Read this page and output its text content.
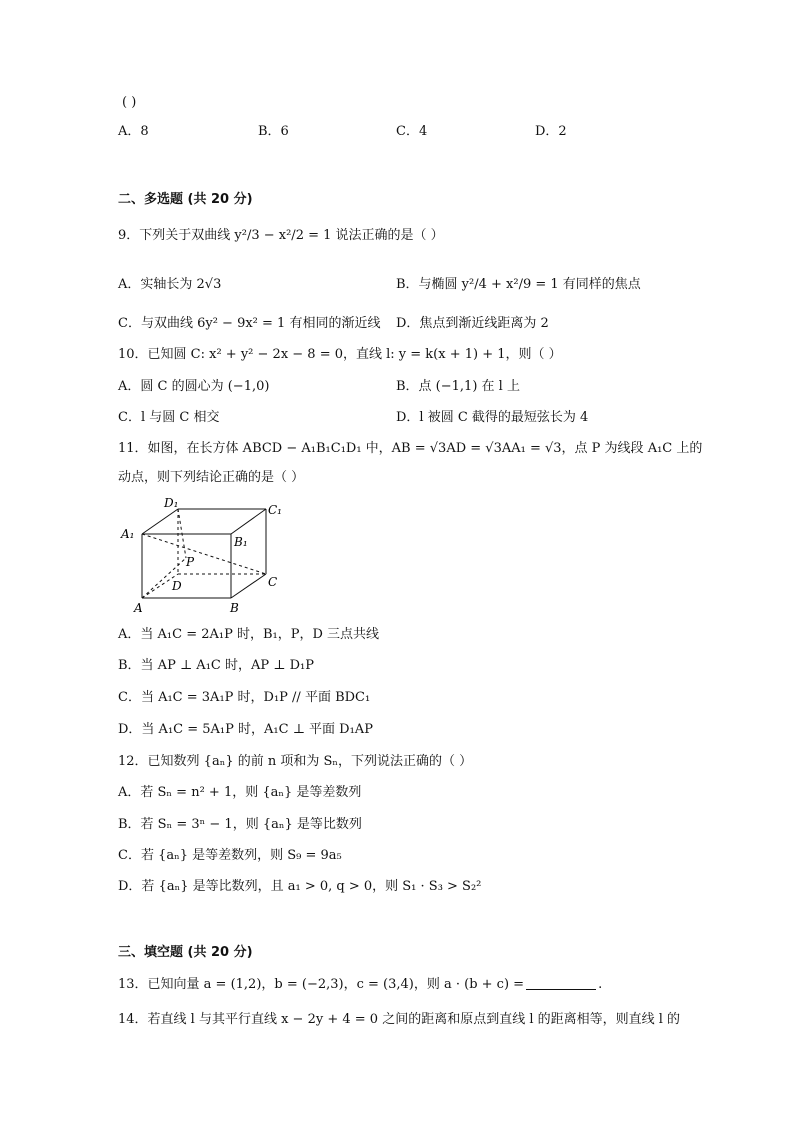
( )
A．8	B．6	C．4	D．2
二、多选题 (共 20 分)
9．下列关于双曲线 y²/3 − x²/2 = 1 说法正确的是（ ）
A．实轴长为 2√3	B．与椭圆 y²/4 + x²/9 = 1 有同样的焦点
C．与双曲线 6y² − 9x² = 1 有相同的渐近线 D．焦点到渐近线距离为 2
10．已知圆 C: x² + y² − 2x − 8 = 0，直线 l: y = k(x + 1) + 1，则（ ）
A．圆 C 的圆心为 (−1,0)	B．点 (−1,1) 在 l 上
C．l 与圆 C 相交	D．l 被圆 C 截得的最短弦长为 4
11．如图，在长方体 ABCD − A₁B₁C₁D₁ 中，AB = √3AD = √3AA₁ = √3，点 P 为线段 A₁C 上的
动点，则下列结论正确的是（ ）
D₁	C₁
A₁
B₁
P
D	C
A	B
A．当 A₁C = 2A₁P 时，B₁，P，D 三点共线
B．当 AP ⊥ A₁C 时，AP ⊥ D₁P
C．当 A₁C = 3A₁P 时，D₁P // 平面 BDC₁
D．当 A₁C = 5A₁P 时，A₁C ⊥ 平面 D₁AP
12．已知数列 {aₙ} 的前 n 项和为 Sₙ，下列说法正确的（ ）
A．若 Sₙ = n² + 1，则 {aₙ} 是等差数列
B．若 Sₙ = 3ⁿ − 1，则 {aₙ} 是等比数列
C．若 {aₙ} 是等差数列，则 S₉ = 9a₅
D．若 {aₙ} 是等比数列，且 a₁ > 0, q > 0，则 S₁ · S₃ > S₂²
三、填空题 (共 20 分)
13．已知向量 a = (1,2)，b = (−2,3)，c = (3,4)，则 a · (b + c) =	.
14．若直线 l 与其平行直线 x − 2y + 4 = 0 之间的距离和原点到直线 l 的距离相等，则直线 l 的
